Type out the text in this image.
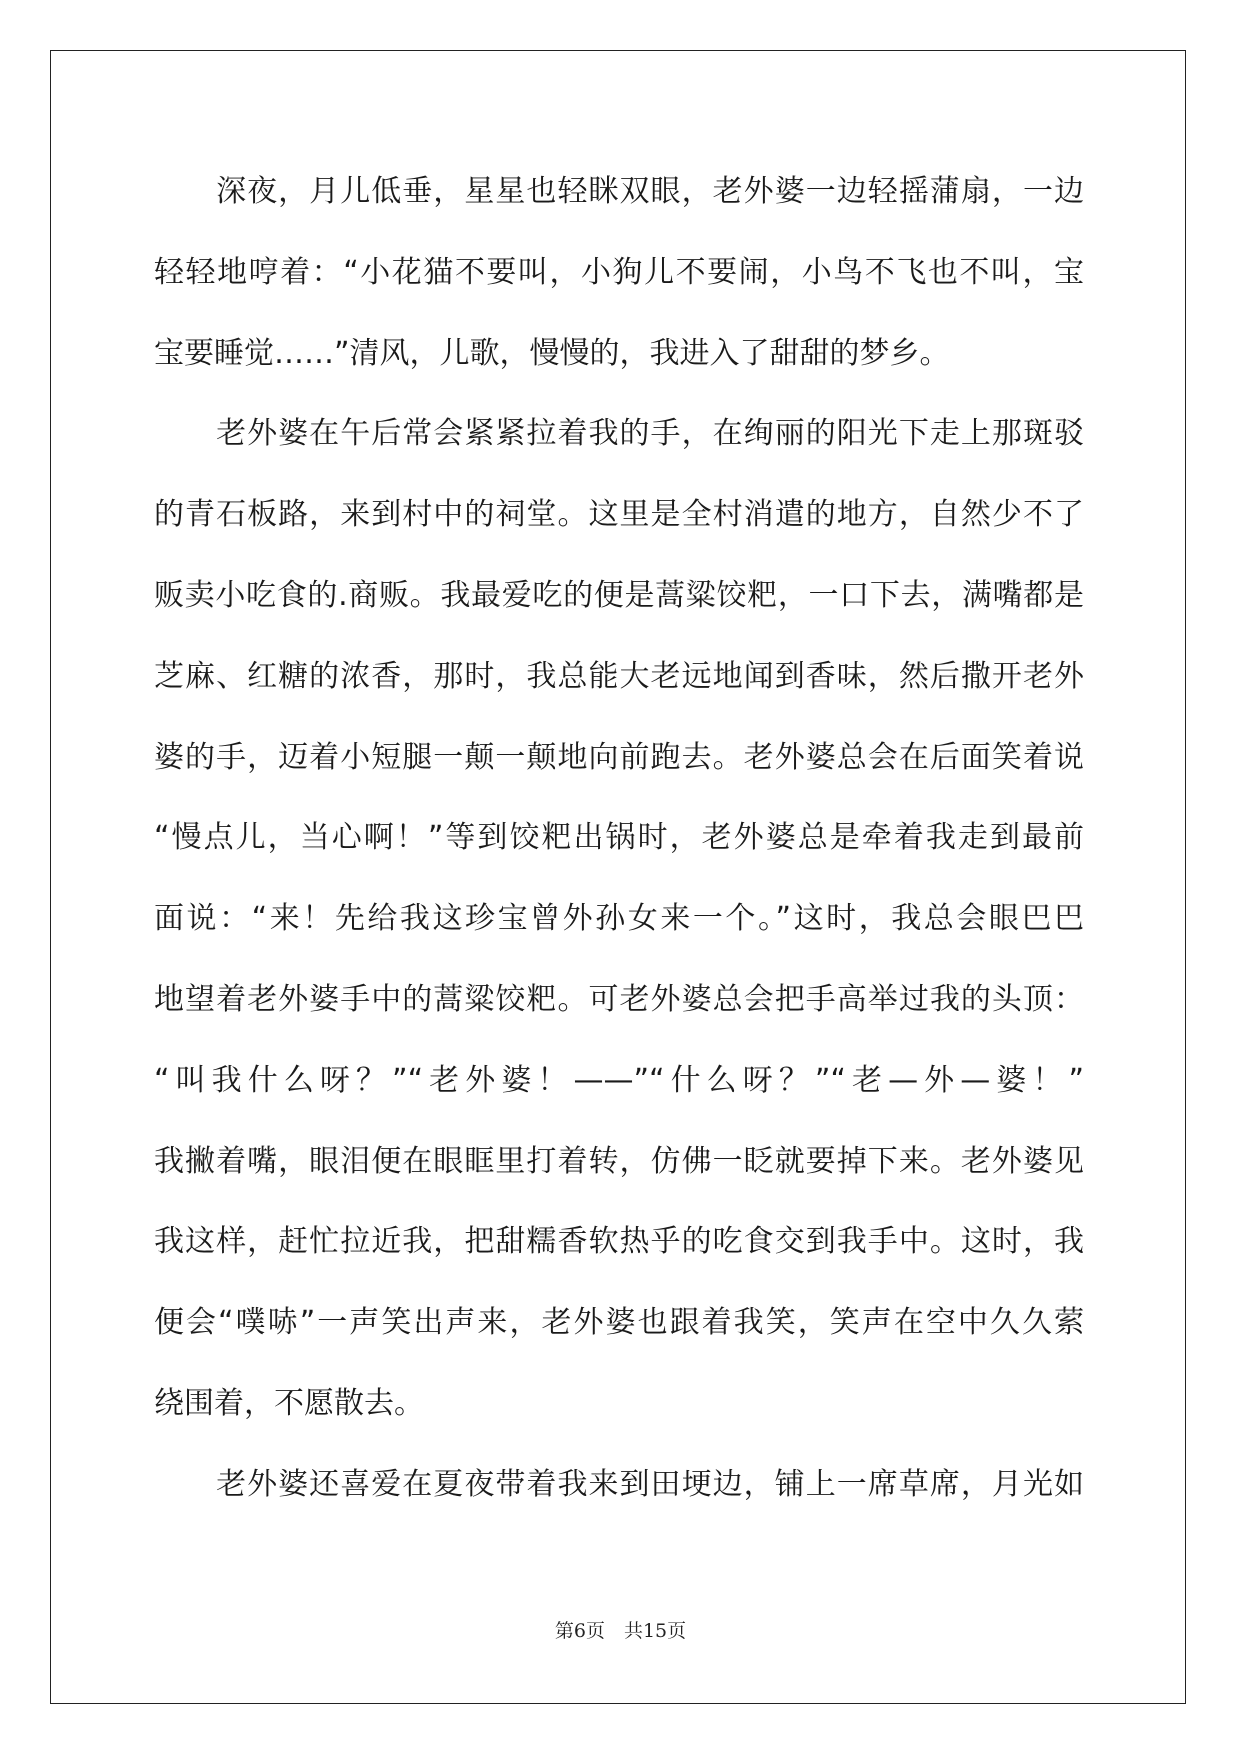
　　深夜，月儿低垂，星星也轻眯双眼，老外婆一边轻摇蒲扇，一边
轻轻地哼着：“小花猫不要叫，小狗儿不要闹，小鸟不飞也不叫，宝
宝要睡觉……”清风，儿歌，慢慢的，我进入了甜甜的梦乡。
　　老外婆在午后常会紧紧拉着我的手，在绚丽的阳光下走上那斑驳
的青石板路，来到村中的祠堂。这里是全村消遣的地方，自然少不了
贩卖小吃食的.商贩。我最爱吃的便是蒿粱饺粑，一口下去，满嘴都是
芝麻、红糖的浓香，那时，我总能大老远地闻到香味，然后撒开老外
婆的手，迈着小短腿一颠一颠地向前跑去。老外婆总会在后面笑着说
“慢点儿，当心啊！”等到饺粑出锅时，老外婆总是牵着我走到最前
面说：“来！先给我这珍宝曾外孙女来一个。”这时，我总会眼巴巴
地望着老外婆手中的蒿粱饺粑。可老外婆总会把手高举过我的头顶：
“叫我什么呀？”“老外婆！——”“什么呀？”“老—外—婆！”
我撇着嘴，眼泪便在眼眶里打着转，仿佛一眨就要掉下来。老外婆见
我这样，赶忙拉近我，把甜糯香软热乎的吃食交到我手中。这时，我
便会“噗哧”一声笑出声来，老外婆也跟着我笑，笑声在空中久久萦
绕围着，不愿散去。
　　老外婆还喜爱在夏夜带着我来到田埂边，铺上一席草席，月光如
第6页　共15页
